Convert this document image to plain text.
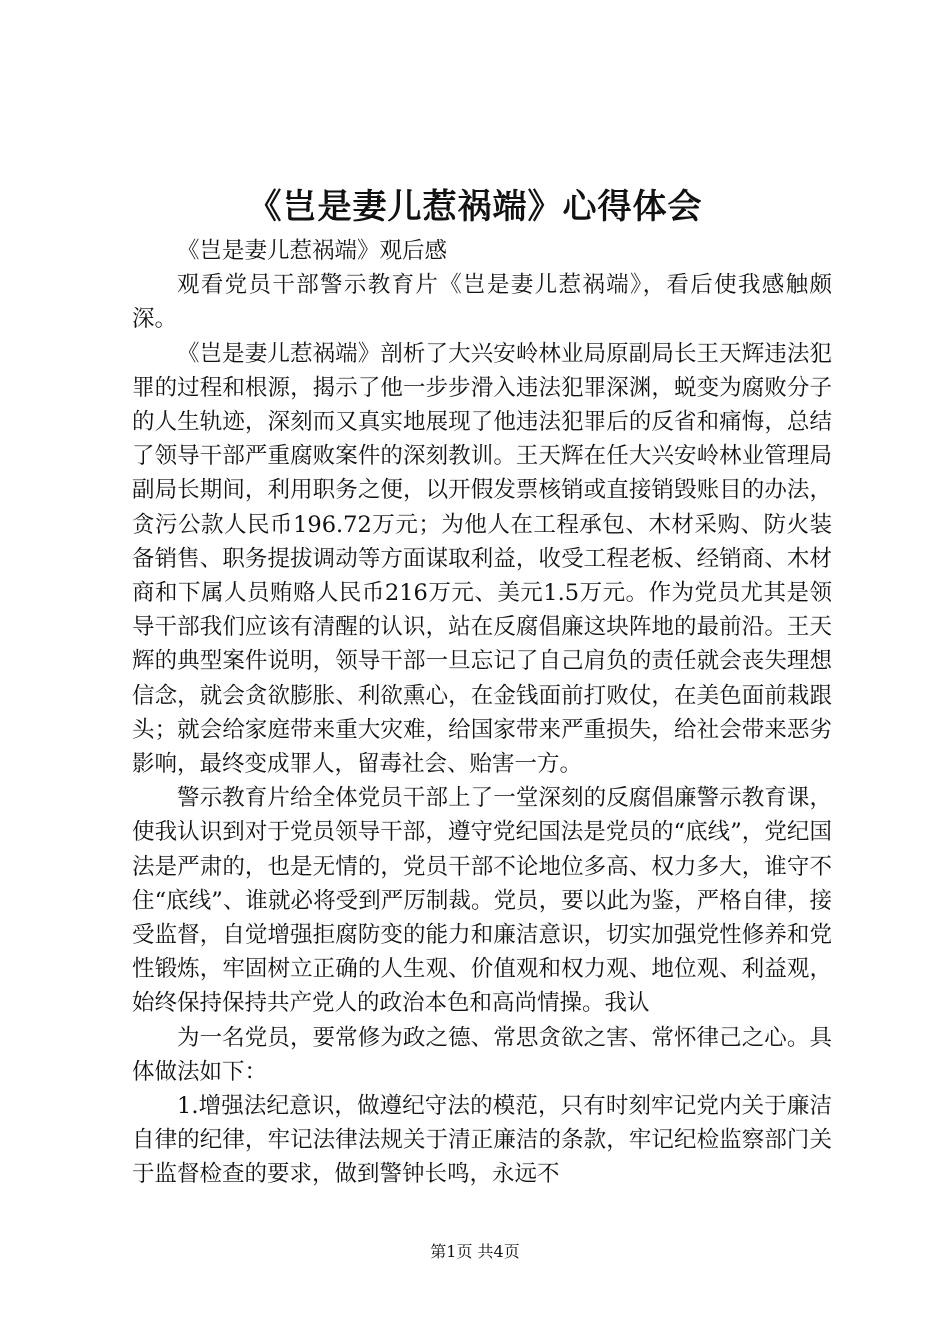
《岂是妻儿惹祸端》心得体会

《岂是妻儿惹祸端》观后感

观看党员干部警示教育片《岂是妻儿惹祸端》，看后使我感触颇深。

《岂是妻儿惹祸端》剖析了大兴安岭林业局原副局长王天辉违法犯罪的过程和根源，揭示了他一步步滑入违法犯罪深渊，蜕变为腐败分子的人生轨迹，深刻而又真实地展现了他违法犯罪后的反省和痛悔，总结了领导干部严重腐败案件的深刻教训。王天辉在任大兴安岭林业管理局副局长期间，利用职务之便，以开假发票核销或直接销毁账目的办法，贪污公款人民币196.72万元；为他人在工程承包、木材采购、防火装备销售、职务提拔调动等方面谋取利益，收受工程老板、经销商、木材商和下属人员贿赂人民币216万元、美元1.5万元。作为党员尤其是领导干部我们应该有清醒的认识，站在反腐倡廉这块阵地的最前沿。王天辉的典型案件说明，领导干部一旦忘记了自己肩负的责任就会丧失理想信念，就会贪欲膨胀、利欲熏心，在金钱面前打败仗，在美色面前栽跟头；就会给家庭带来重大灾难，给国家带来严重损失，给社会带来恶劣影响，最终变成罪人，留毒社会、贻害一方。

警示教育片给全体党员干部上了一堂深刻的反腐倡廉警示教育课，使我认识到对于党员领导干部，遵守党纪国法是党员的“底线”，党纪国法是严肃的，也是无情的，党员干部不论地位多高、权力多大，谁守不住“底线”、谁就必将受到严厉制裁。党员，要以此为鉴，严格自律，接受监督，自觉增强拒腐防变的能力和廉洁意识，切实加强党性修养和党性锻炼，牢固树立正确的人生观、价值观和权力观、地位观、利益观，始终保持保持共产党人的政治本色和高尚情操。我认

为一名党员，要常修为政之德、常思贪欲之害、常怀律己之心。具体做法如下：

1.增强法纪意识，做遵纪守法的模范，只有时刻牢记党内关于廉洁自律的纪律，牢记法律法规关于清正廉洁的条款，牢记纪检监察部门关于监督检查的要求，做到警钟长鸣，永远不

第1页 共4页
